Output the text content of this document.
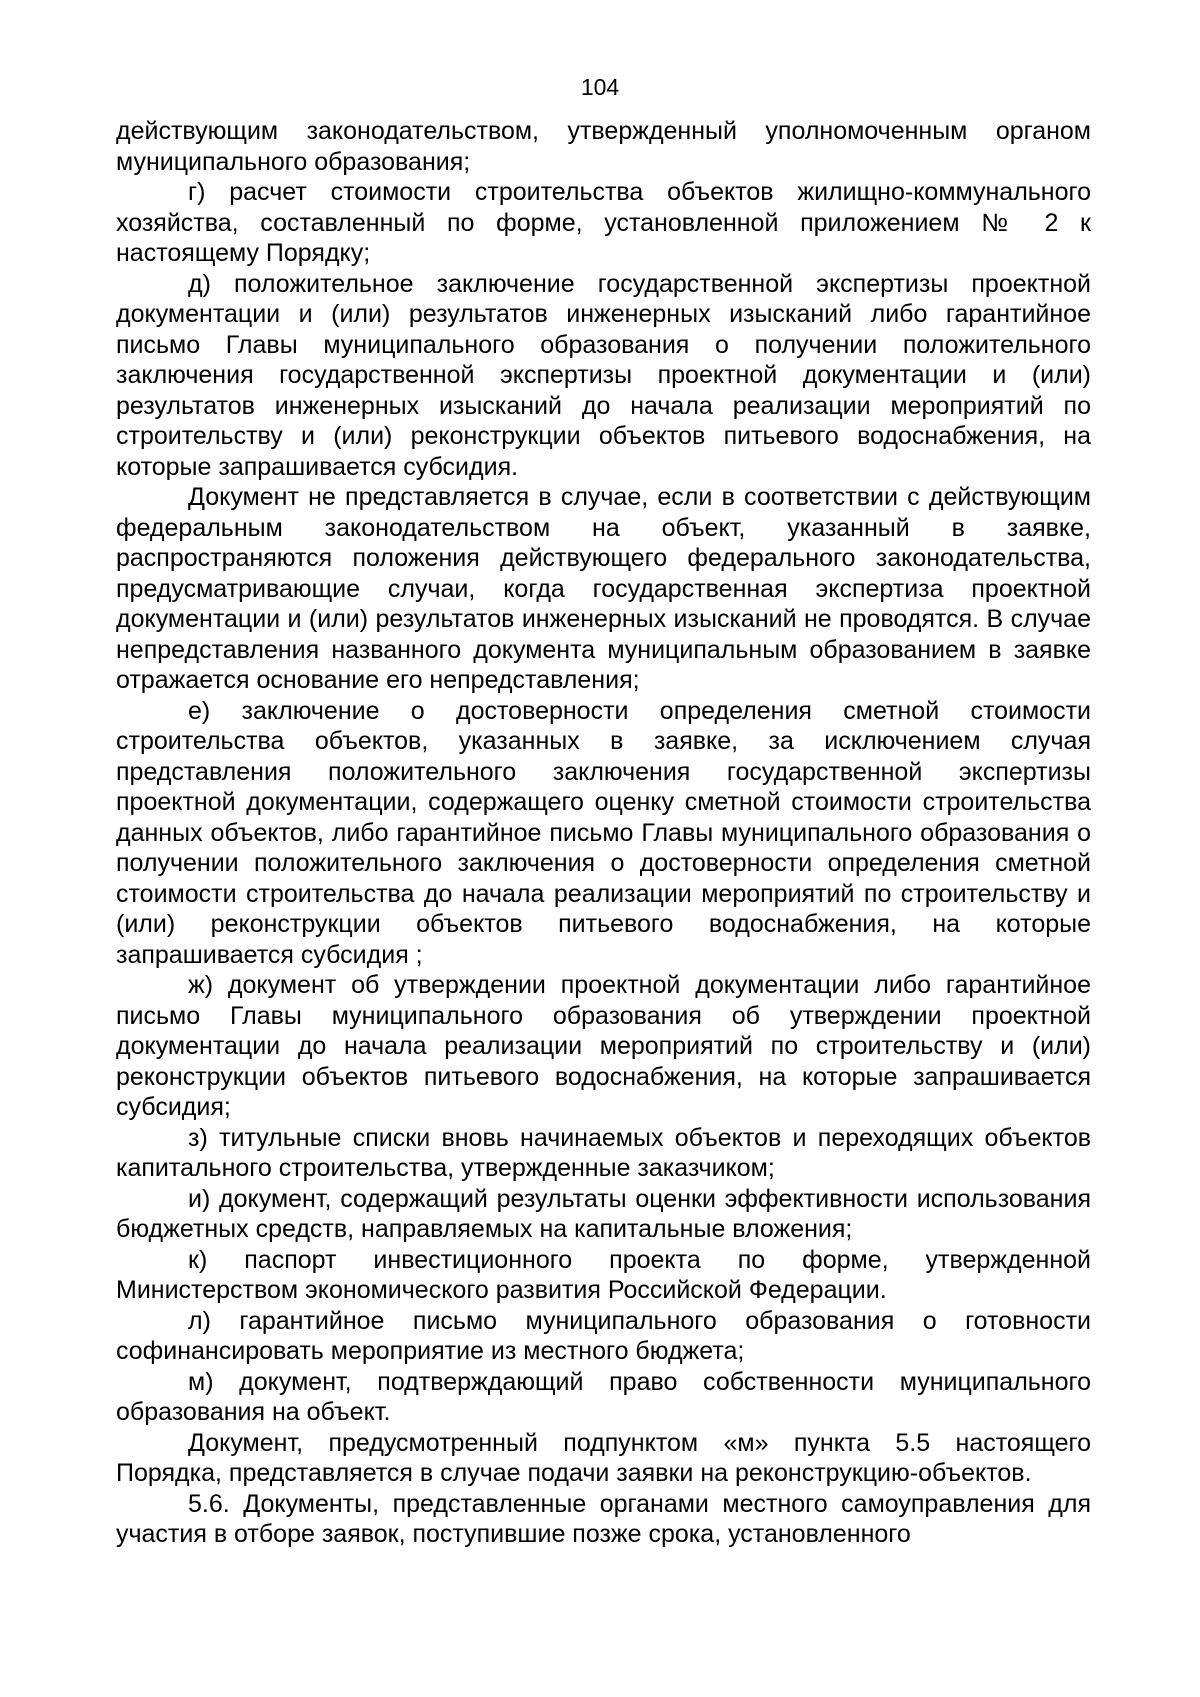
104

действующим законодательством, утвержденный уполномоченным органом муниципального образования;

г) расчет стоимости строительства объектов жилищно-коммунального хозяйства, составленный по форме, установленной приложением № 2 к настоящему Порядку;

д) положительное заключение государственной экспертизы проектной документации и (или) результатов инженерных изысканий либо гарантийное письмо Главы муниципального образования о получении положительного заключения государственной экспертизы проектной документации и (или) результатов инженерных изысканий до начала реализации мероприятий по строительству и (или) реконструкции объектов питьевого водоснабжения, на которые запрашивается субсидия.

Документ не представляется в случае, если в соответствии с действующим федеральным законодательством на объект, указанный в заявке, распространяются положения действующего федерального законодательства, предусматривающие случаи, когда государственная экспертиза проектной документации и (или) результатов инженерных изысканий не проводятся. В случае непредставления названного документа муниципальным образованием в заявке отражается основание его непредставления;

е) заключение о достоверности определения сметной стоимости строительства объектов, указанных в заявке, за исключением случая представления положительного заключения государственной экспертизы проектной документации, содержащего оценку сметной стоимости строительства данных объектов, либо гарантийное письмо Главы муниципального образования о получении положительного заключения о достоверности определения сметной стоимости строительства до начала реализации мероприятий по строительству и (или) реконструкции объектов питьевого водоснабжения, на которые запрашивается субсидия ;

ж) документ об утверждении проектной документации либо гарантийное письмо Главы муниципального образования об утверждении проектной документации до начала реализации мероприятий по строительству и (или) реконструкции объектов питьевого водоснабжения, на которые запрашивается субсидия;

з) титульные списки вновь начинаемых объектов и переходящих объектов капитального строительства, утвержденные заказчиком;

и) документ, содержащий результаты оценки эффективности использования бюджетных средств, направляемых на капитальные вложения;

к) паспорт инвестиционного проекта по форме, утвержденной Министерством экономического развития Российской Федерации.

л) гарантийное письмо муниципального образования о готовности софинансировать мероприятие из местного бюджета;

м) документ, подтверждающий право собственности муниципального образования на объект.

Документ, предусмотренный подпунктом «м» пункта 5.5 настоящего Порядка, представляется в случае подачи заявки на реконструкцию-объектов.

5.6. Документы, представленные органами местного самоуправления для участия в отборе заявок, поступившие позже срока, установленного
